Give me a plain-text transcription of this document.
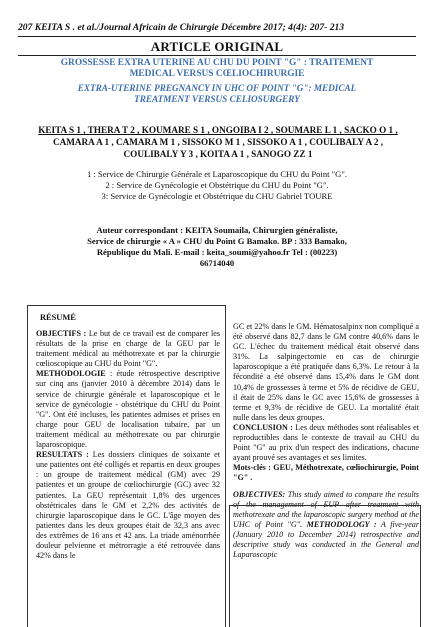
207 KEITA S . et al./Journal Africain de Chirurgie Décembre 2017; 4(4): 207- 213
ARTICLE ORIGINAL
GROSSESSE EXTRA UTERINE AU CHU DU POINT "G" : TRAITEMENT
MEDICAL VERSUS CŒLIOCHIRURGIE
EXTRA-UTERINE PREGNANCY IN UHC OF POINT "G": MEDICAL
TREATMENT VERSUS CELIOSURGERY
KEITA S 1 , THERA T 2 , KOUMARE S 1 , ONGOIBA I 2 , SOUMARE L 1 , SACKO O 1 ,
CAMARA A 1 , CAMARA M 1 , SISSOKO M 1 , SISSOKO A 1 , COULIBALY A 2 ,
COULIBALY Y 3 , KOITA A 1 , SANOGO ZZ 1
1 : Service de Chirurgie Générale et Laparoscopique du CHU du Point "G".
2 : Service de Gynécologie et Obstétrique du CHU du Point "G".
3: Service de Gynécologie et Obstétrique du CHU Gabriel TOURE
Auteur correspondant : KEITA Soumaila, Chirurgien généraliste,
Service de chirurgie « A » CHU du Point G Bamako. BP : 333 Bamako,
République du Mali. E-mail : keita_soumi@yahoo.fr Tel : (00223)
66714040
RÉSUMÉ
OBJECTIFS : Le but de ce travail est de comparer les résultats de la prise en charge de la GEU par le traitement médical au méthotrexate et par la chirurgie cœlioscopique au CHU du Point "G".
METHODOLOGIE : étude rétrospective descriptive sur cinq ans (janvier 2010 à décembre 2014) dans le service de chirurgie générale et laparoscopique et le service de gynécologie - obstétrique du CHU du Point "G". Ont été incluses, les patientes admises et prises en charge pour GEU de localisation tubaire, par un traitement médical au méthotrexate ou par chirurgie laparoscopique.
RESULTATS : Les dossiers cliniques de soixante et une patientes ont été colligés et repartis en deux groupes : un groupe de traitement médical (GM) avec 29 patientes et un groupe de cœliochirurgie (GC) avec 32 patientes. La GEU représentait 1,8% des urgences obstétricales dans le GM et 2,2% des activités de chirurgie laparoscopique dans le GC. L'âge moyen des patientes dans les deux groupes était de 32,3 ans avec des extrêmes de 16 ans et 42 ans. La triade aménorrhée douleur pelvienne et métrorragie a été retrouvée dans 42% dans le
GC et 22% dans le GM. Hématosalpinx non compliqué a été observé dans 82,7 dans le GM contre 40,6% dans le GC. L'échec du traitement médical était observé dans 31%. La salpingectomie en cas de chirurgie laparoscopique a été pratiquée dans 6,3%. Le retour à la fécondité a été observé dans 15,4% dans le GM dont 10,4% de grossesses à terme et 5% de récidive de GEU, il était de 25% dans le GC avec 15,6% de grossesses à terme et 9,3% de récidive de GEU. La mortalité était nulle dans les deux groupes.
CONCLUSION : Les deux méthodes sont réalisables et reproductibles dans le contexte de travail au CHU du Point "G" au prix d'un respect des indications, chacune ayant prouvé ses avantages et ses limites.
Mots-clés : GEU, Méthotrexate, cœliochirurgie, Point "G" .
OBJECTIVES: This study aimed to compare the results of the management of EUP after treatment with methotrexate and the laparoscopic surgery method at the UHC of Point "G". METHODOLOGY : A five-year (January 2010 to December 2014) retrospective and descriptive study was conducted in the General and Laparoscopic
